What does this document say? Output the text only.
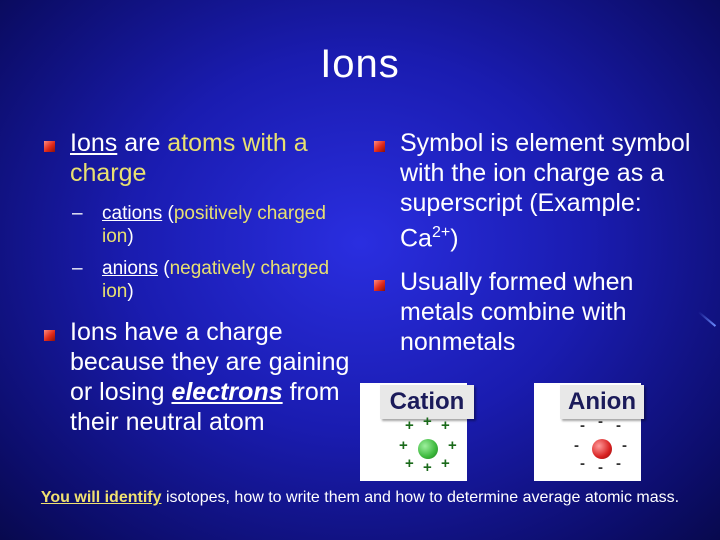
Ions
Ions are atoms with a charge
– cations (positively charged ion)
– anions (negatively charged ion)
Ions have a charge because they are gaining or losing electrons from their neutral atom
Symbol is element symbol with the ion charge as a superscript (Example: $Ca^{2+}$)
Usually formed when metals combine with nonmetals
Cation
+ + +
+	+
+ + +
Anion
- - -
-	-
- - -
You will identify isotopes, how to write them and how to determine average atomic mass.
